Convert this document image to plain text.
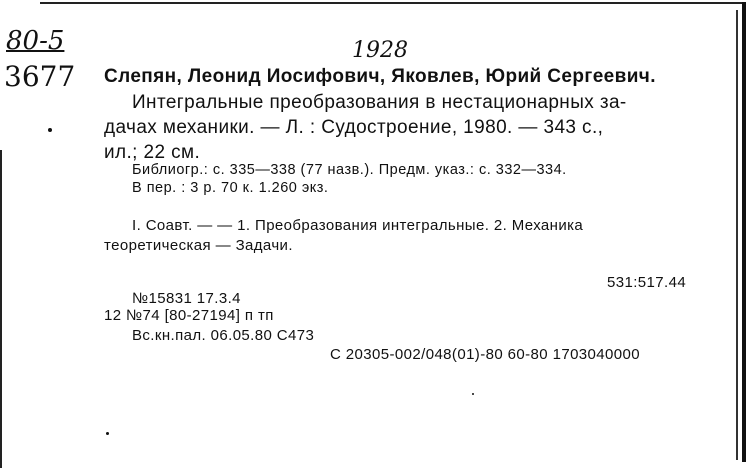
80-5
3677
1928
Слепян, Леонид Иосифович, Яковлев, Юрий Сергеевич.
Интегральные преобразования в нестационарных за-
дачах механики. — Л. : Судостроение, 1980. — 343 с.,
ил.; 22 см.
Библиогр.: с. 335—338 (77 назв.). Предм. указ.: с. 332—334.
В пер. : 3 р. 70 к. 1.260 экз.
I. Соавт. — — 1. Преобразования интегральные. 2. Механика
теоретическая — Задачи.
531:517.44
№15831 17.3.4
12 №74 [80-27194] п тп
Вс.кн.пал. 06.05.80 С473
С 20305-002/048(01)-80 60-80 1703040000
